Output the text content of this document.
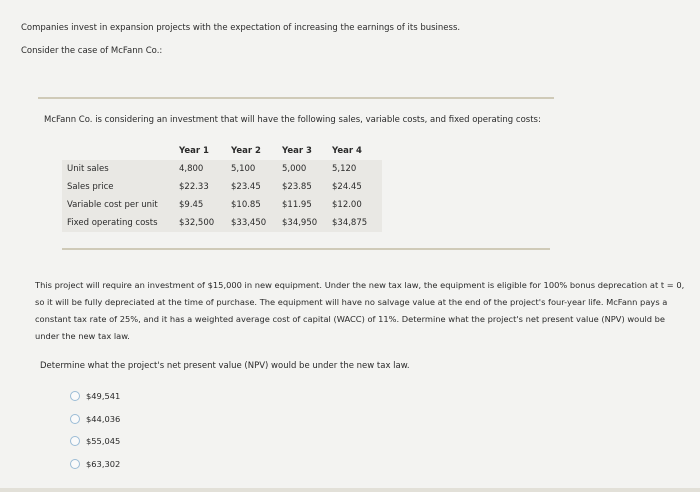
Companies invest in expansion projects with the expectation of increasing the earnings of its business.
Consider the case of McFann Co.:
McFann Co. is considering an investment that will have the following sales, variable costs, and fixed operating costs:
	Year 1	Year 2	Year 3	Year 4
Unit sales	4,800	5,100	5,000	5,120
Sales price	$22.33	$23.45	$23.85	$24.45
Variable cost per unit	$9.45	$10.85	$11.95	$12.00
Fixed operating costs	$32,500	$33,450	$34,950	$34,875
This project will require an investment of $15,000 in new equipment. Under the new tax law, the equipment is eligible for 100% bonus deprecation at t = 0, so it will be fully depreciated at the time of purchase. The equipment will have no salvage value at the end of the project's four-year life. McFann pays a constant tax rate of 25%, and it has a weighted average cost of capital (WACC) of 11%. Determine what the project's net present value (NPV) would be under the new tax law.
Determine what the project's net present value (NPV) would be under the new tax law.
$49,541
$44,036
$55,045
$63,302
